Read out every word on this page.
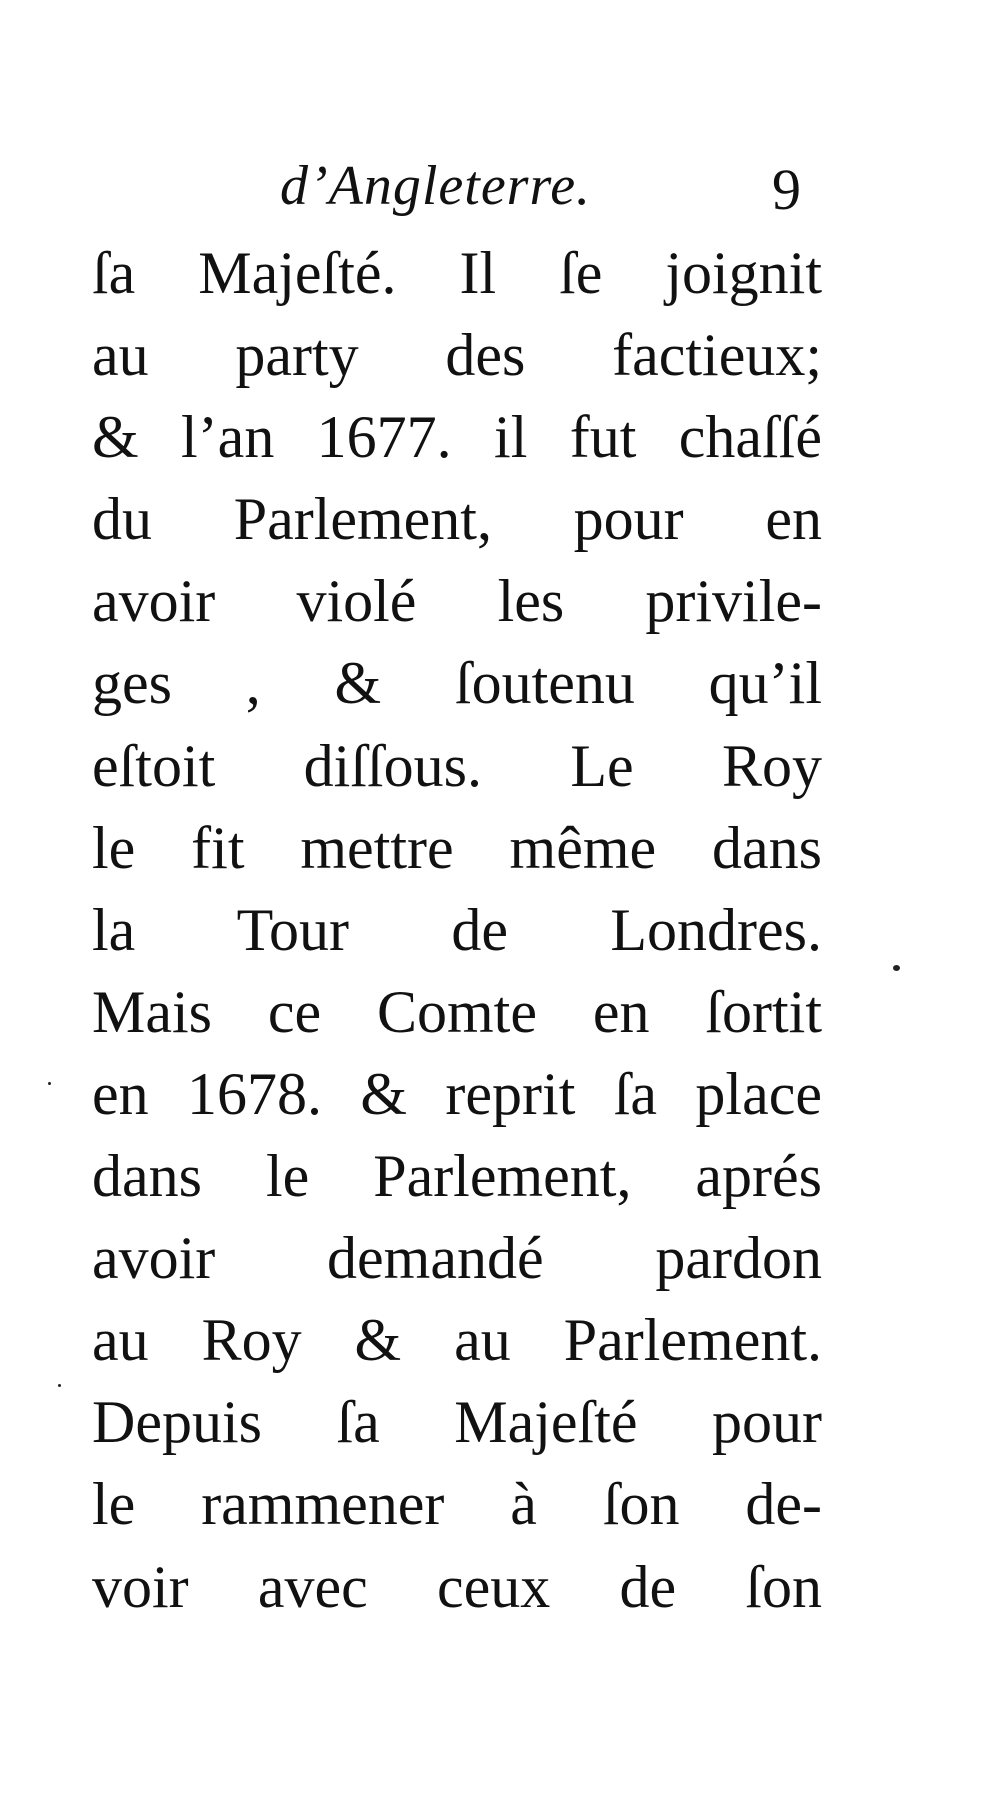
d’Angleterre.	9
ſa Majeſté. Il ſe joignit
au party des factieux;
& l’an 1677. il fut chaſſé
du Parlement, pour en
avoir violé les privile-
ges , & ſoutenu qu’il
eſtoit diſſous. Le Roy
le fit mettre même dans
la Tour de Londres.
Mais ce Comte en ſortit
en 1678. & reprit ſa place
dans le Parlement, aprés
avoir demandé pardon
au Roy & au Parlement.
Depuis ſa Majeſté pour
le rammener à ſon de-
voir avec ceux de ſon
